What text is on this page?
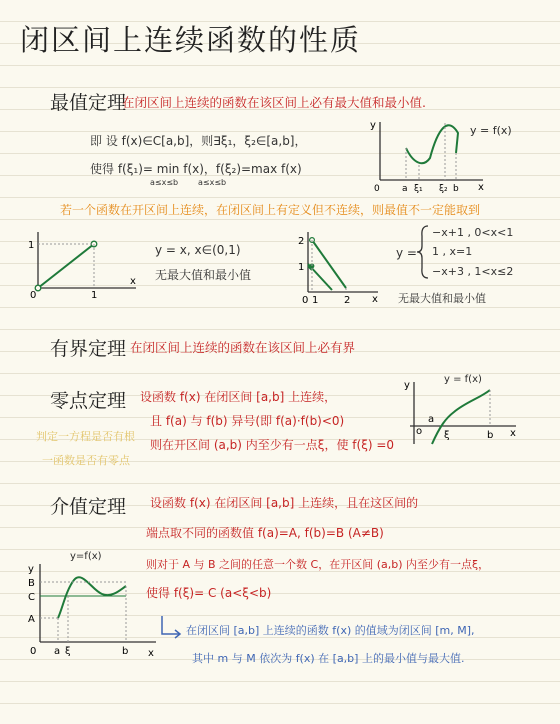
闭区间上连续函数的性质
最值定理
在闭区间上连续的函数在该区间上必有最大值和最小值.
即 设 f(x)∈C[a,b]，则∃ξ₁，ξ₂∈[a,b]，
使得 f(ξ₁)= min f(x)，f(ξ₂)=max f(x)
a≤x≤b a≤x≤b
y
x
0 a ξ₁ ξ₂ b
y = f(x)
若一个函数在开区间上连续，在闭区间上有定义但不连续，则最值不一定能取到
1
0	1
x
y = x, x∈(0,1)
无最大值和最小值
2
1
0 1	2 x
y =
−x+1 , 0<x<1
1 , x=1
−x+3 , 1<x≤2
无最大值和最小值
有界定理 在闭区间上连续的函数在该区间上必有界
零点定理 设函数 f(x) 在闭区间 [a,b] 上连续，
且 f(a) 与 f(b) 异号(即 f(a)·f(b)<0)
则在开区间 (a,b) 内至少有一点ξ，使 f(ξ) =0
判定一方程是否有根
一函数是否有零点
y
o
a
ξ	b x
y = f(x)
介值定理 设函数 f(x) 在闭区间 [a,b] 上连续，且在这区间的
端点取不同的函数值 f(a)=A, f(b)=B (A≠B)
则对于 A 与 B 之间的任意一个数 C，在开区间 (a,b) 内至少有一点ξ，
使得 f(ξ)= C (a<ξ<b)
y
B
C
A
0 a ξ	b x
y=f(x)
在闭区间 [a,b] 上连续的函数 f(x) 的值域为闭区间 [m, M],
其中 m 与 M 依次为 f(x) 在 [a,b] 上的最小值与最大值.
